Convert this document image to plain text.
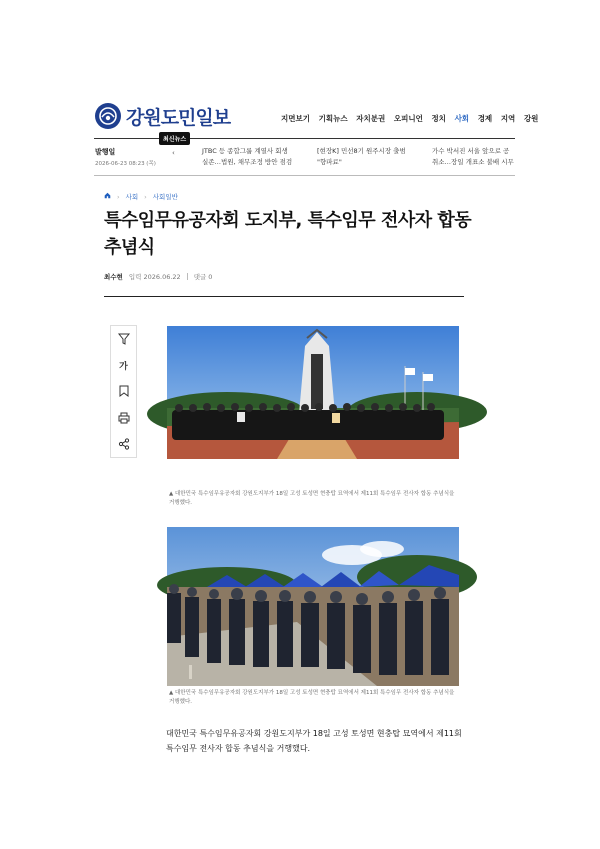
강원도민일보	지면보기 기획뉴스 자치분권 오피니언 정치 사회 경제 지역 강원
최신뉴스
발행일
2026-06-23 08:23 (목)
‹	JTBC 등 종합그룹 계열사 회생
실존…법원, 채무조정 방안 점검
[현장K] 민선8기 원주시장 출범
"향파료"
가수 박서진 서울 앞으로 공
취소…장일 개표소 불배 시무
› 사회 › 사회일반
특수임무유공자회 도지부, 특수임무 전사자 합동 추념식
최수현 입력 2026.06.22 댓글 0
가
▲ 대한민국 특수임무유공자회 강원도지부가 18일 고성 토성면 현충탑 묘역에서 제11회 특수임무 전사자 합동 추념식을 거행했다.
▲ 대한민국 특수임무유공자회 강원도지부가 18일 고성 토성면 현충탑 묘역에서 제11회 특수임무 전사자 합동 추념식을 거행했다.
대한민국 특수임무유공자회 강원도지부가 18일 고성 토성면 현충탑 묘역에서 제11회 특수임무 전사자 합동 추념식을 거행했다.
